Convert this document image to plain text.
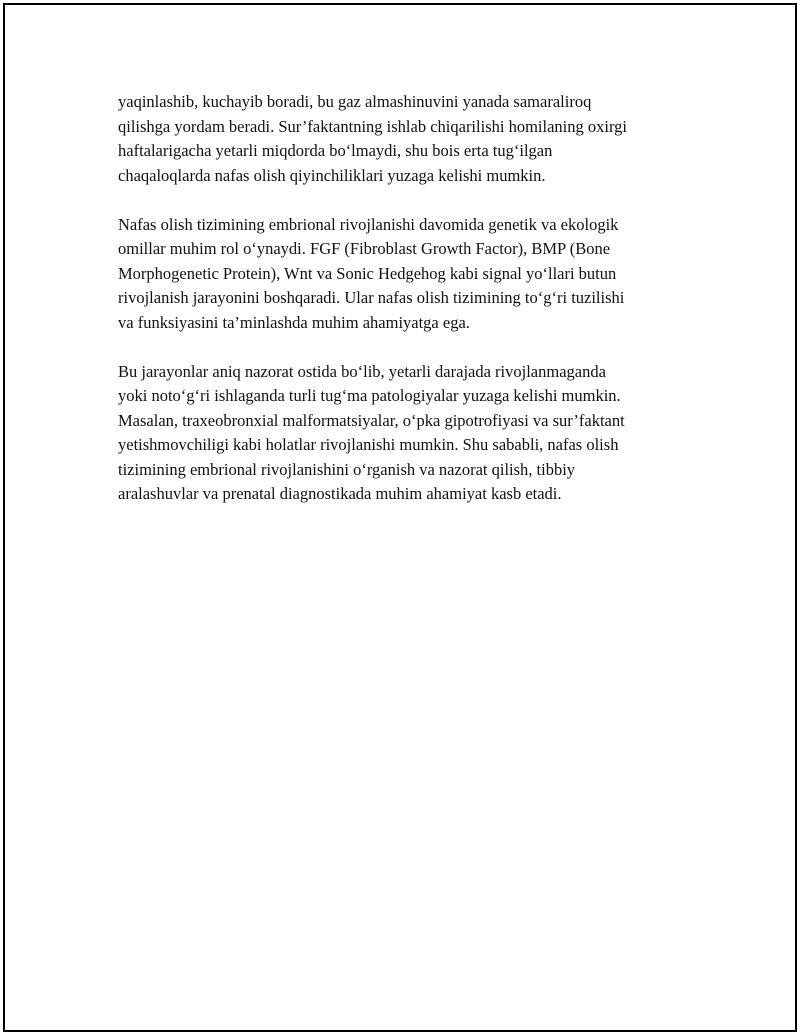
yaqinlashib, kuchayib boradi, bu gaz almashinuvini yanada samaraliroq
qilishga yordam beradi. Sur’faktantning ishlab chiqarilishi homilaning oxirgi
haftalarigacha yetarli miqdorda bo‘lmaydi, shu bois erta tug‘ilgan
chaqaloqlarda nafas olish qiyinchiliklari yuzaga kelishi mumkin.

Nafas olish tizimining embrional rivojlanishi davomida genetik va ekologik
omillar muhim rol o‘ynaydi. FGF (Fibroblast Growth Factor), BMP (Bone
Morphogenetic Protein), Wnt va Sonic Hedgehog kabi signal yo‘llari butun
rivojlanish jarayonini boshqaradi. Ular nafas olish tizimining to‘g‘ri tuzilishi
va funksiyasini ta’minlashda muhim ahamiyatga ega.

Bu jarayonlar aniq nazorat ostida bo‘lib, yetarli darajada rivojlanmaganda
yoki noto‘g‘ri ishlaganda turli tug‘ma patologiyalar yuzaga kelishi mumkin.
Masalan, traxeobronxial malformatsiyalar, o‘pka gipotrofiyasi va sur’faktant
yetishmovchiligi kabi holatlar rivojlanishi mumkin. Shu sababli, nafas olish
tizimining embrional rivojlanishini o‘rganish va nazorat qilish, tibbiy
aralashuvlar va prenatal diagnostikada muhim ahamiyat kasb etadi.
